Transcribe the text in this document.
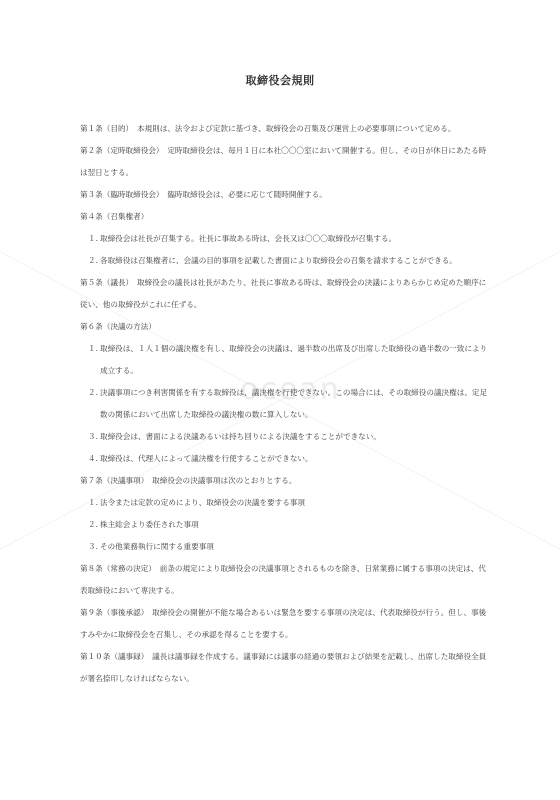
ocean
取締役会規則

第１条（目的）　 本規則は、法令および定款に基づき、取締役会の召集及び運営上の必要事項について定める。

第２条（定時取締役会）　 定時取締役会は、毎月１日に本社〇〇〇室において開催する。但し、その日が休日にあたる時は翌日とする。

第３条（臨時取締役会）　 臨時取締役会は、必要に応じて随時開催する。

第４条（召集権者）

１. 取締役会は社長が召集する。社長に事故ある時は、会長又は〇〇〇取締役が召集する。

２. 各取締役は召集権者に、会議の目的事項を記載した書面により取締役会の召集を請求することができる。

第５条（議長）　 取締役会の議長は社長があたり、社長に事故ある時は、取締役会の決議によりあらかじめ定めた順序に従い、他の取締役がこれに任ずる。

第６条（決議の方法）

１. 取締役は、１人１個の議決権を有し、取締役会の決議は、過半数の出席及び出席した取締役の過半数の一致により成立する。

２. 決議事項につき利害関係を有する取締役は、議決権を行使できない。この場合には、その取締役の議決権は、定足数の関係において出席した取締役の議決権の数に算入しない。

３. 取締役会は、書面による決議あるいは持ち回りによる決議をすることができない。

４. 取締役は、代理人によって議決権を行使することができない。

第７条（決議事項）　 取締役会の決議事項は次のとおりとする。

１. 法令または定款の定めにより、取締役会の決議を要する事項

２. 株主総会より委任された事項

３. その他業務執行に関する重要事項

第８条（常務の決定）　 前条の規定により取締役会の決議事項とされるものを除き、日常業務に属する事項の決定は、代表取締役において専決する。

第９条（事後承認）　 取締役会の開催が不能な場合あるいは緊急を要する事項の決定は、代表取締役が行う。但し、事後すみやかに取締役会を召集し、その承認を得ることを要する。

第１０条（議事録）　 議長は議事録を作成する。議事録には議事の経過の要領および結果を記載し、出席した取締役全員が署名捺印しなければならない。
